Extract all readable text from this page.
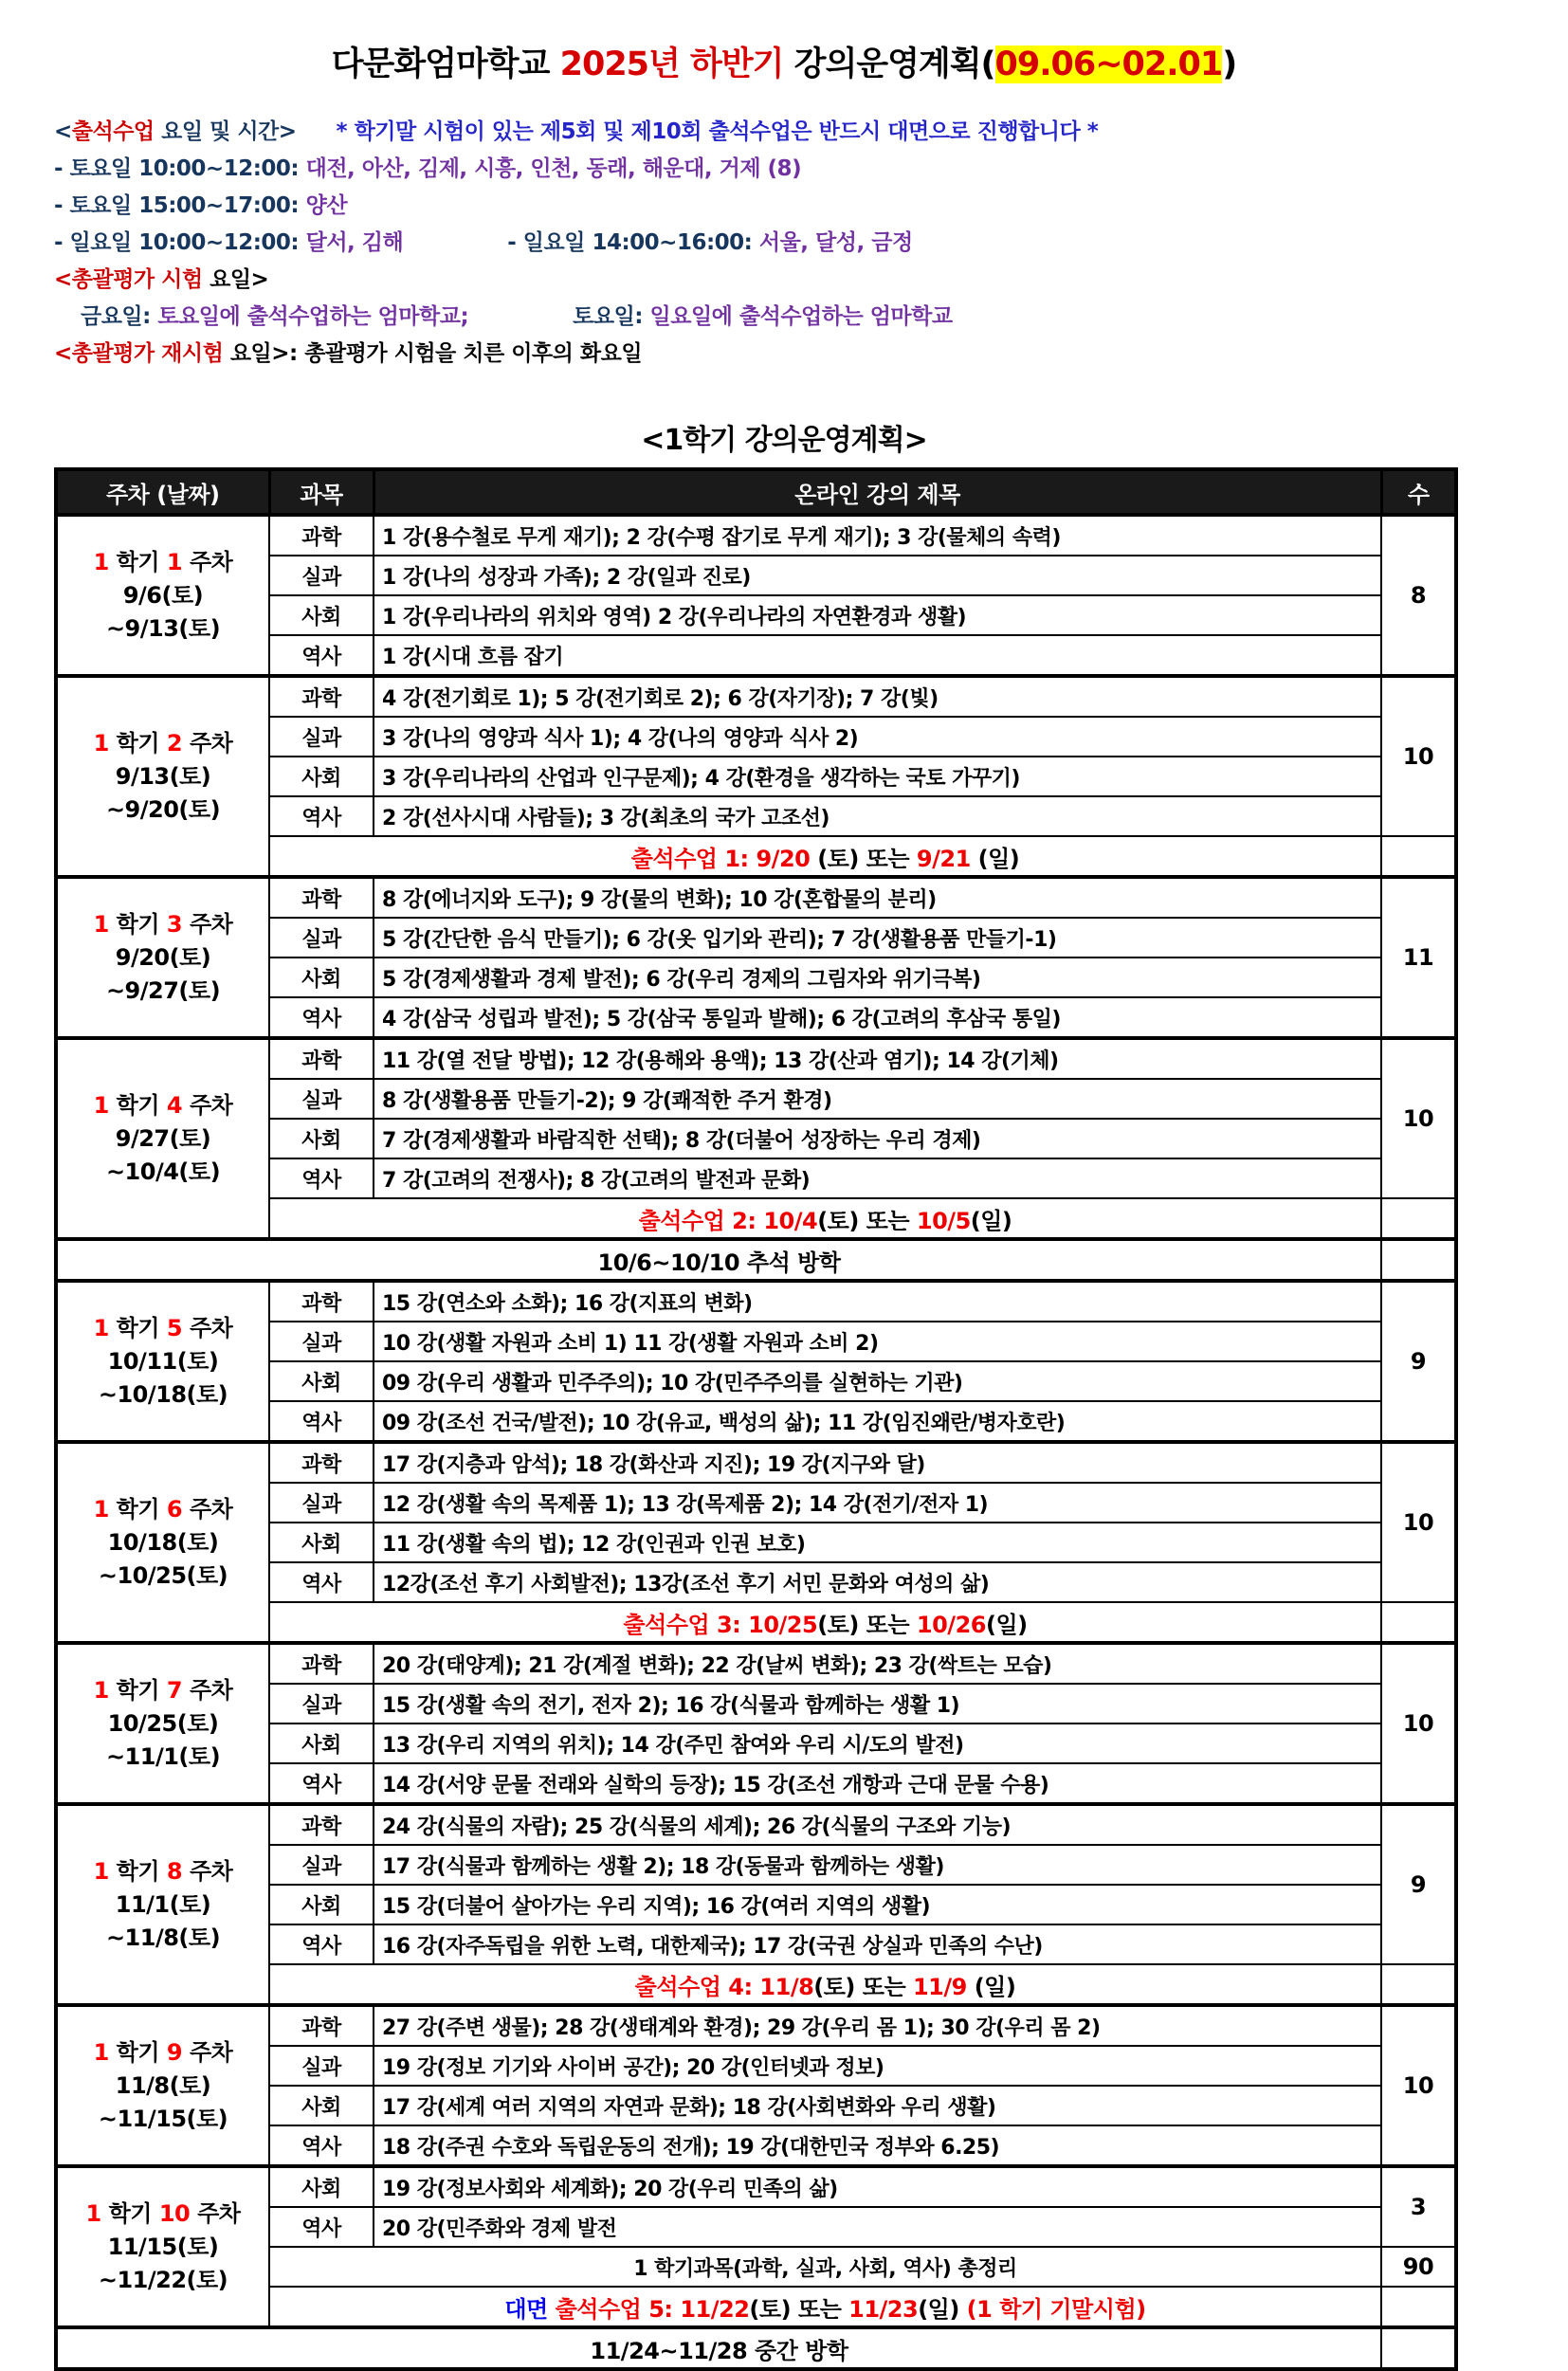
다문화엄마학교 2025년 하반기 강의운영계획(09.06~02.01)
<출석수업 요일 및 시간> * 학기말 시험이 있는 제5회 및 제10회 출석수업은 반드시 대면으로 진행합니다 *
- 토요일 10:00~12:00: 대전, 아산, 김제, 시흥, 인천, 동래, 해운대, 거제 (8)
- 토요일 15:00~17:00: 양산
- 일요일 10:00~12:00: 달서, 김해	- 일요일 14:00~16:00: 서울, 달성, 금정
<총괄평가 시험 요일>
금요일: 토요일에 출석수업하는 엄마학교;	토요일: 일요일에 출석수업하는 엄마학교
<총괄평가 재시험 요일>: 총괄평가 시험을 치른 이후의 화요일
<1학기 강의운영계획>
주차 (날짜)	과목	온라인 강의 제목	수
1 학기 1 주차
9/6(토)
~9/13(토)	과학	1 강(용수철로 무게 재기); 2 강(수평 잡기로 무게 재기); 3 강(물체의 속력)	8
	실과	1 강(나의 성장과 가족); 2 강(일과 진로)	
	사회	1 강(우리나라의 위치와 영역) 2 강(우리나라의 자연환경과 생활)	
	역사	1 강(시대 흐름 잡기	
1 학기 2 주차
9/13(토)
~9/20(토)	과학	4 강(전기회로 1); 5 강(전기회로 2); 6 강(자기장); 7 강(빛)	10
	실과	3 강(나의 영양과 식사 1); 4 강(나의 영양과 식사 2)	
	사회	3 강(우리나라의 산업과 인구문제); 4 강(환경을 생각하는 국토 가꾸기)	
	역사	2 강(선사시대 사람들); 3 강(최초의 국가 고조선)	
	출석수업 1: 9/20 (토) 또는 9/21 (일)		
1 학기 3 주차
9/20(토)
~9/27(토)	과학	8 강(에너지와 도구); 9 강(물의 변화); 10 강(혼합물의 분리)	11
	실과	5 강(간단한 음식 만들기); 6 강(옷 입기와 관리); 7 강(생활용품 만들기-1)	
	사회	5 강(경제생활과 경제 발전); 6 강(우리 경제의 그림자와 위기극복)	
	역사	4 강(삼국 성립과 발전); 5 강(삼국 통일과 발해); 6 강(고려의 후삼국 통일)	
1 학기 4 주차
9/27(토)
~10/4(토)	과학	11 강(열 전달 방법); 12 강(용해와 용액); 13 강(산과 염기); 14 강(기체)	10
	실과	8 강(생활용품 만들기-2); 9 강(쾌적한 주거 환경)	
	사회	7 강(경제생활과 바람직한 선택); 8 강(더불어 성장하는 우리 경제)	
	역사	7 강(고려의 전쟁사); 8 강(고려의 발전과 문화)	
	출석수업 2: 10/4(토) 또는 10/5(일)		
10/6~10/10 추석 방학			
1 학기 5 주차
10/11(토)
~10/18(토)	과학	15 강(연소와 소화); 16 강(지표의 변화)	9
	실과	10 강(생활 자원과 소비 1) 11 강(생활 자원과 소비 2)	
	사회	09 강(우리 생활과 민주주의); 10 강(민주주의를 실현하는 기관)	
	역사	09 강(조선 건국/발전); 10 강(유교, 백성의 삶); 11 강(임진왜란/병자호란)	
1 학기 6 주차
10/18(토)
~10/25(토)	과학	17 강(지층과 암석); 18 강(화산과 지진); 19 강(지구와 달)	10
	실과	12 강(생활 속의 목제품 1); 13 강(목제품 2); 14 강(전기/전자 1)	
	사회	11 강(생활 속의 법); 12 강(인권과 인권 보호)	
	역사	12강(조선 후기 사회발전); 13강(조선 후기 서민 문화와 여성의 삶)	
	출석수업 3: 10/25(토) 또는 10/26(일)		
1 학기 7 주차
10/25(토)
~11/1(토)	과학	20 강(태양계); 21 강(계절 변화); 22 강(날씨 변화); 23 강(싹트는 모습)	10
	실과	15 강(생활 속의 전기, 전자 2); 16 강(식물과 함께하는 생활 1)	
	사회	13 강(우리 지역의 위치); 14 강(주민 참여와 우리 시/도의 발전)	
	역사	14 강(서양 문물 전래와 실학의 등장); 15 강(조선 개항과 근대 문물 수용)	
1 학기 8 주차
11/1(토)
~11/8(토)	과학	24 강(식물의 자람); 25 강(식물의 세계); 26 강(식물의 구조와 기능)	9
	실과	17 강(식물과 함께하는 생활 2); 18 강(동물과 함께하는 생활)	
	사회	15 강(더불어 살아가는 우리 지역); 16 강(여러 지역의 생활)	
	역사	16 강(자주독립을 위한 노력, 대한제국); 17 강(국권 상실과 민족의 수난)	
	출석수업 4: 11/8(토) 또는 11/9 (일)		
1 학기 9 주차
11/8(토)
~11/15(토)	과학	27 강(주변 생물); 28 강(생태계와 환경); 29 강(우리 몸 1); 30 강(우리 몸 2)	10
	실과	19 강(정보 기기와 사이버 공간); 20 강(인터넷과 정보)	
	사회	17 강(세계 여러 지역의 자연과 문화); 18 강(사회변화와 우리 생활)	
	역사	18 강(주권 수호와 독립운동의 전개); 19 강(대한민국 정부와 6.25)	
1 학기 10 주차
11/15(토)
~11/22(토)	사회	19 강(정보사회와 세계화); 20 강(우리 민족의 삶)	3
	역사	20 강(민주화와 경제 발전	
	1 학기과목(과학, 실과, 사회, 역사) 총정리		90
	대면 출석수업 5: 11/22(토) 또는 11/23(일) (1 학기 기말시험)		
11/24~11/28 중간 방학			
